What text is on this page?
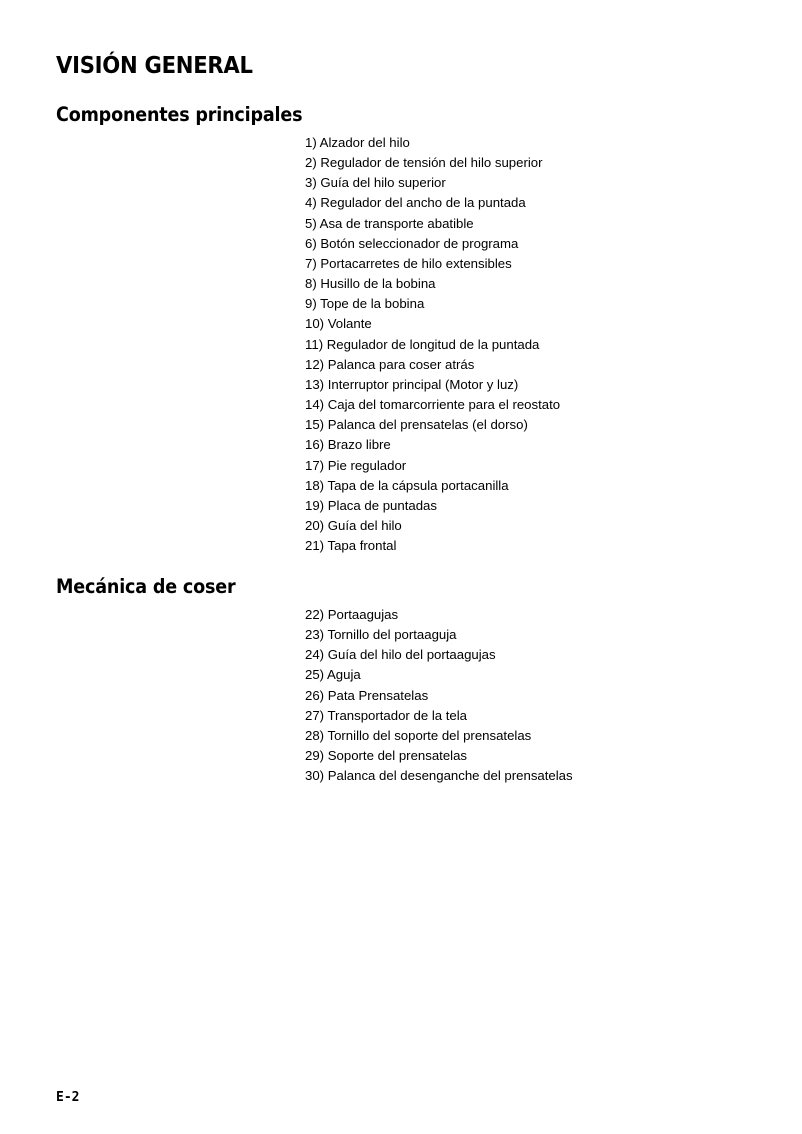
VISIÓN GENERAL
Componentes principales
1) Alzador del hilo
2) Regulador de tensión del hilo superior
3) Guía del hilo superior
4) Regulador del ancho de la puntada
5) Asa de transporte abatible
6) Botón seleccionador de programa
7) Portacarretes de hilo extensibles
8) Husillo de la bobina
9) Tope de la bobina
10) Volante
11) Regulador de longitud de la puntada
12) Palanca para coser atrás
13) Interruptor principal (Motor y luz)
14) Caja del tomarcorriente para el reostato
15) Palanca del prensatelas (el dorso)
16) Brazo libre
17) Pie regulador
18) Tapa de la cápsula portacanilla
19) Placa de puntadas
20) Guía del hilo
21) Tapa frontal
Mecánica de coser
22) Portaagujas
23) Tornillo del portaaguja
24) Guía del hilo del portaagujas
25) Aguja
26) Pata Prensatelas
27) Transportador de la tela
28) Tornillo del soporte del prensatelas
29) Soporte del prensatelas
30) Palanca del desenganche del prensatelas
E-2
